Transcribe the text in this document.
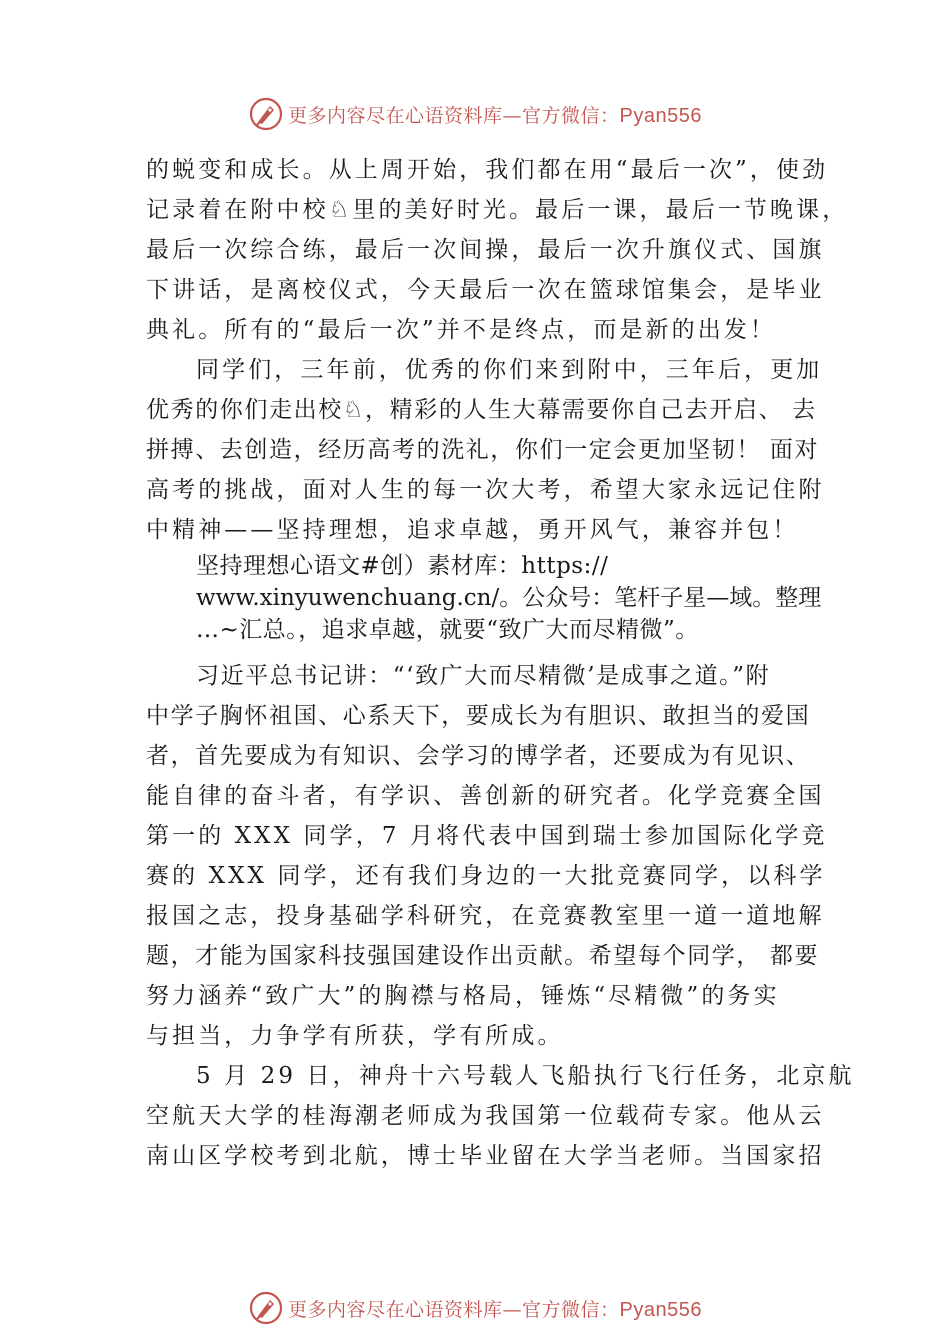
更多内容尽在心语资料库—官方微信：Pyan556
的蜕变和成长。从上周开始，我们都在用“最后一次”，使劲
记录着在附中校♘里的美好时光。最后一课，最后一节晚课，
最后一次综合练，最后一次间操，最后一次升旗仪式、国旗
下讲话，是离校仪式，今天最后一次在篮球馆集会，是毕业
典礼。所有的“最后一次”并不是终点，而是新的出发！
同学们，三年前，优秀的你们来到附中，三年后，更加
优秀的你们走出校♘，精彩的人生大幕需要你自己去开启、 去
拼搏、去创造，经历高考的洗礼，你们一定会更加坚韧！ 面对
高考的挑战，面对人生的每一次大考，希望大家永远记住附
中精神——坚持理想，追求卓越，勇开风气，兼容并包！
坚持理想心语文#创）素材库：https://
www.xinyuwenchuang.cn/。公众号：笔杆子星—域。整理
…~汇总。，追求卓越，就要“致广大而尽精微”。
习近平总书记讲：“‘致广大而尽精微’是成事之道。”附
中学子胸怀祖国、心系天下，要成长为有胆识、敢担当的爱国
者，首先要成为有知识、会学习的博学者，还要成为有见识、
能自律的奋斗者，有学识、善创新的研究者。化学竞赛全国
第一的 XXX 同学，7 月将代表中国到瑞士参加国际化学竞
赛的 XXX 同学，还有我们身边的一大批竞赛同学，以科学
报国之志，投身基础学科研究，在竞赛教室里一道一道地解
题，才能为国家科技强国建设作出贡献。希望每个同学， 都要
努力涵养“致广大”的胸襟与格局，锤炼“尽精微”的务实
与担当，力争学有所获，学有所成。
5 月 29 日，神舟十六号载人飞船执行飞行任务，北京航
空航天大学的桂海潮老师成为我国第一位载荷专家。他从云
南山区学校考到北航，博士毕业留在大学当老师。当国家招
更多内容尽在心语资料库—官方微信：Pyan556
